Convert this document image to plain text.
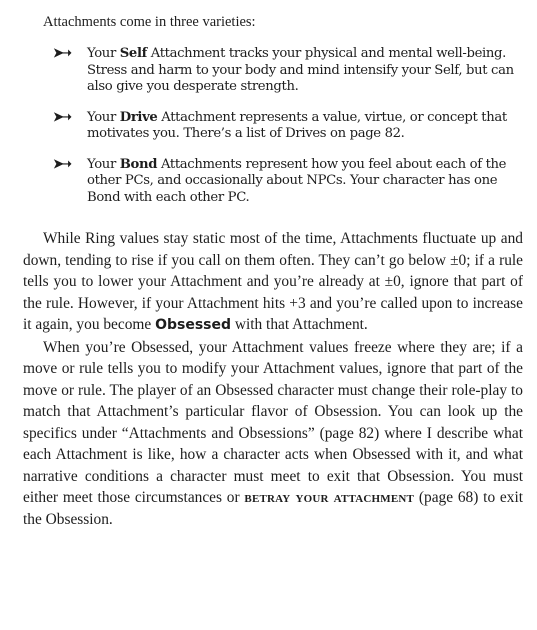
Attachments come in three varieties:

➤➝ Your Self Attachment tracks your physical and mental well-being. Stress and harm to your body and mind intensify your Self, but can also give you desperate strength.
➤➝ Your Drive Attachment represents a value, virtue, or concept that motivates you. There’s a list of Drives on page 82.
➤➝ Your Bond Attachments represent how you feel about each of the other PCs, and occasionally about NPCs. Your character has one Bond with each other PC.

While Ring values stay static most of the time, Attachments fluctuate up and down, tending to rise if you call on them often. They can’t go below ±0; if a rule tells you to lower your Attachment and you’re already at ±0, ignore that part of the rule. However, if your Attachment hits +3 and you’re called upon to increase it again, you become Obsessed with that Attachment.

When you’re Obsessed, your Attachment values freeze where they are; if a move or rule tells you to modify your Attachment values, ignore that part of the move or rule. The player of an Obsessed character must change their role-play to match that Attachment’s particular flavor of Obsession. You can look up the specifics under “Attachments and Obsessions” (page 82) where I describe what each Attachment is like, how a character acts when Obsessed with it, and what narrative conditions a character must meet to exit that Obsession. You must either meet those circumstances or betray your attachment (page 68) to exit the Obsession.
